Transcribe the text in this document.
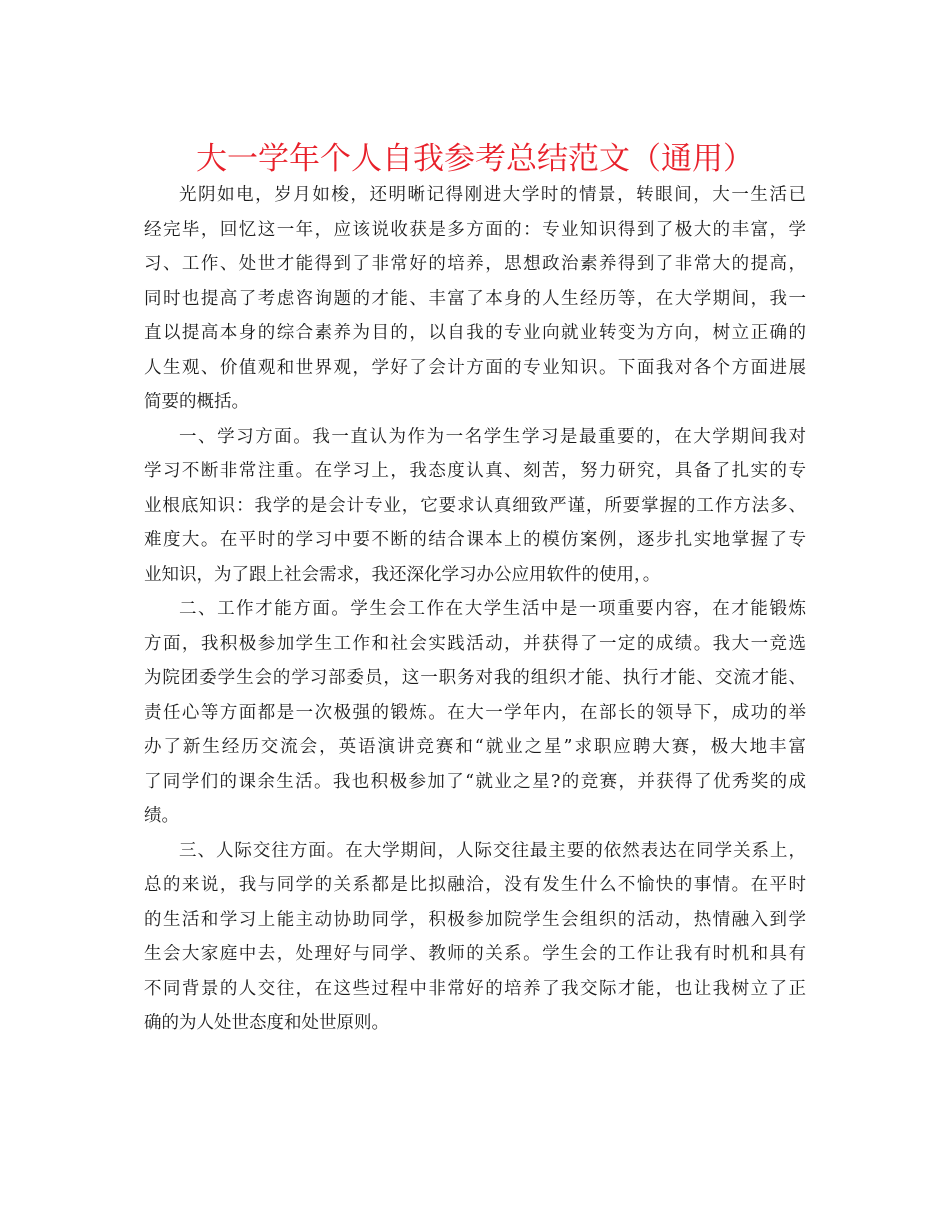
大一学年个人自我参考总结范文（通用）
光阴如电，岁月如梭，还明晰记得刚进大学时的情景，转眼间，大一生活已
经完毕，回忆这一年，应该说收获是多方面的：专业知识得到了极大的丰富，学
习、工作、处世才能得到了非常好的培养，思想政治素养得到了非常大的提高，
同时也提高了考虑咨询题的才能、丰富了本身的人生经历等，在大学期间，我一
直以提高本身的综合素养为目的，以自我的专业向就业转变为方向，树立正确的
人生观、价值观和世界观，学好了会计方面的专业知识。下面我对各个方面进展
简要的概括。
一、学习方面。我一直认为作为一名学生学习是最重要的，在大学期间我对
学习不断非常注重。在学习上，我态度认真、刻苦，努力研究，具备了扎实的专
业根底知识：我学的是会计专业，它要求认真细致严谨，所要掌握的工作方法多、
难度大。在平时的学习中要不断的结合课本上的模仿案例，逐步扎实地掌握了专
业知识，为了跟上社会需求，我还深化学习办公应用软件的使用，。
二、工作才能方面。学生会工作在大学生活中是一项重要内容，在才能锻炼
方面，我积极参加学生工作和社会实践活动，并获得了一定的成绩。我大一竞选
为院团委学生会的学习部委员，这一职务对我的组织才能、执行才能、交流才能、
责任心等方面都是一次极强的锻炼。在大一学年内，在部长的领导下，成功的举
办了新生经历交流会，英语演讲竞赛和“就业之星”求职应聘大赛，极大地丰富
了同学们的课余生活。我也积极参加了“就业之星?的竞赛，并获得了优秀奖的成
绩。
三、人际交往方面。在大学期间，人际交往最主要的依然表达在同学关系上，
总的来说，我与同学的关系都是比拟融洽，没有发生什么不愉快的事情。在平时
的生活和学习上能主动协助同学，积极参加院学生会组织的活动，热情融入到学
生会大家庭中去，处理好与同学、教师的关系。学生会的工作让我有时机和具有
不同背景的人交往，在这些过程中非常好的培养了我交际才能，也让我树立了正
确的为人处世态度和处世原则。
